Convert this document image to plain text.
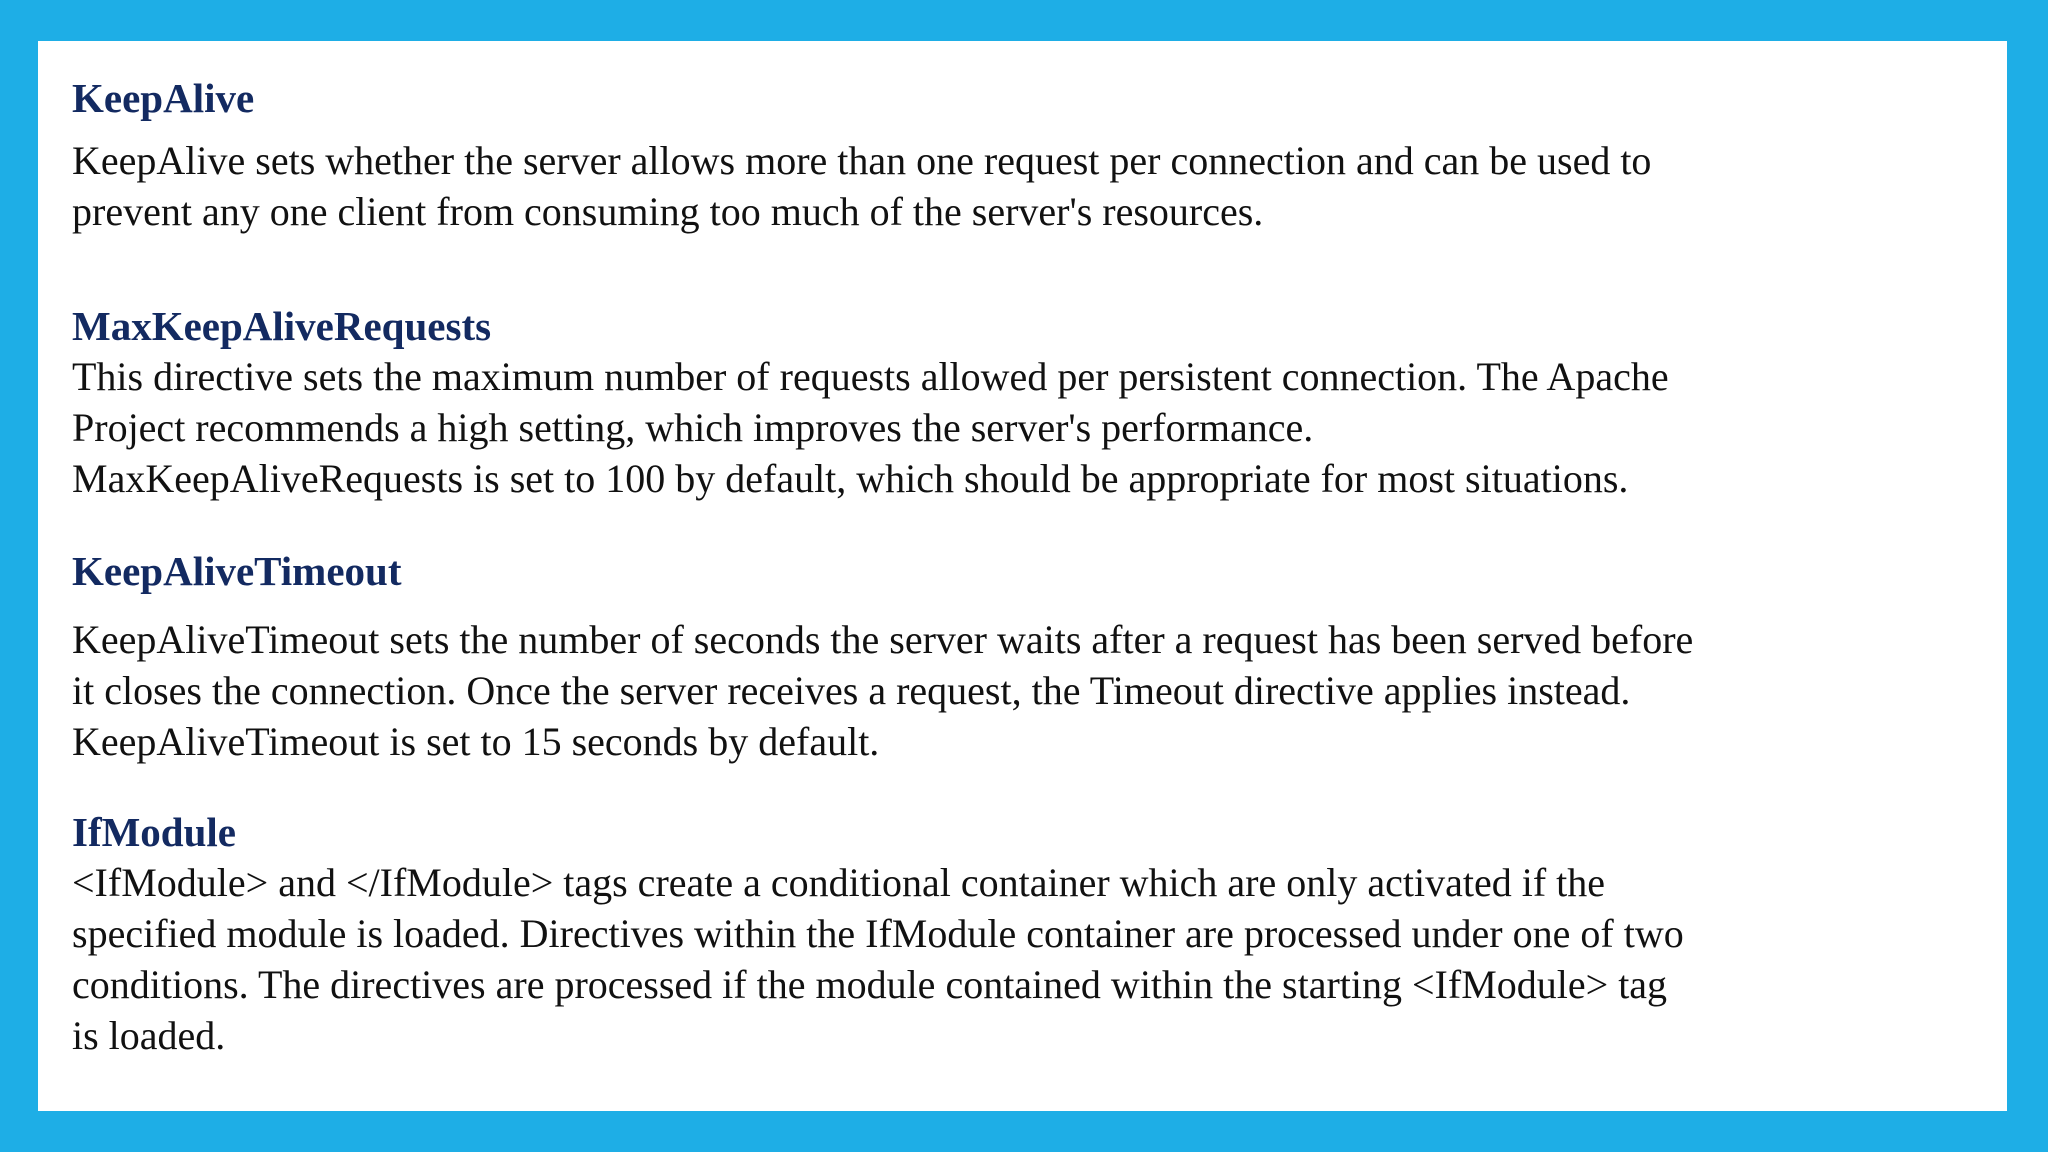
KeepAlive

KeepAlive sets whether the server allows more than one request per connection and can be used to
prevent any one client from consuming too much of the server's resources.

MaxKeepAliveRequests

This directive sets the maximum number of requests allowed per persistent connection. The Apache
Project recommends a high setting, which improves the server's performance.
MaxKeepAliveRequests is set to 100 by default, which should be appropriate for most situations.

KeepAliveTimeout

KeepAliveTimeout sets the number of seconds the server waits after a request has been served before
it closes the connection. Once the server receives a request, the Timeout directive applies instead.
KeepAliveTimeout is set to 15 seconds by default.

IfModule

<IfModule> and </IfModule> tags create a conditional container which are only activated if the
specified module is loaded. Directives within the IfModule container are processed under one of two
conditions. The directives are processed if the module contained within the starting <IfModule> tag
is loaded.
